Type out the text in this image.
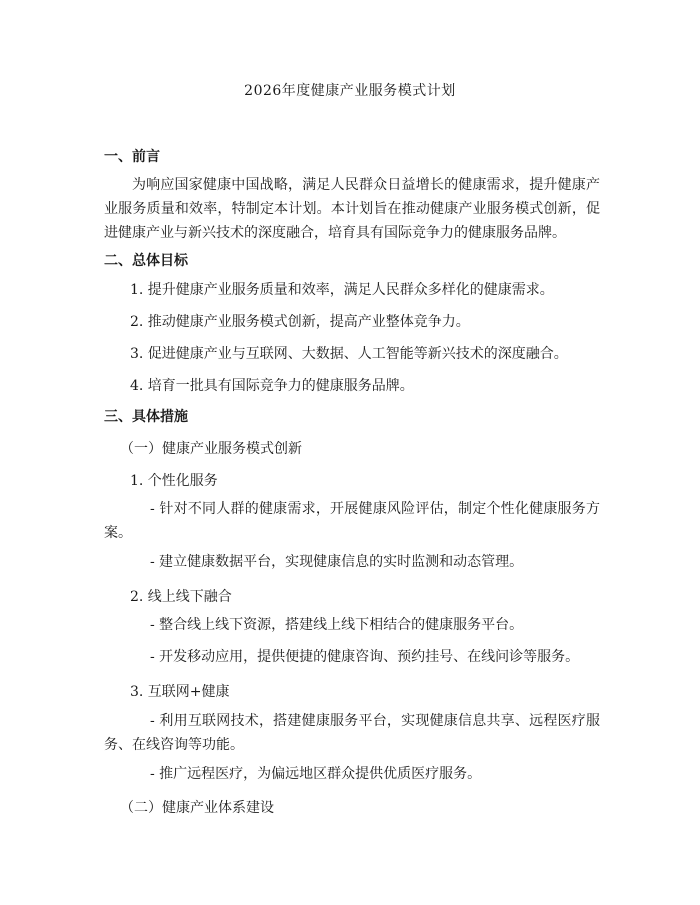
2026年度健康产业服务模式计划
一、前言
为响应国家健康中国战略，满足人民群众日益增长的健康需求，提升健康产业服务质量和效率，特制定本计划。本计划旨在推动健康产业服务模式创新，促进健康产业与新兴技术的深度融合，培育具有国际竞争力的健康服务品牌。
二、总体目标
1. 提升健康产业服务质量和效率，满足人民群众多样化的健康需求。
2. 推动健康产业服务模式创新，提高产业整体竞争力。
3. 促进健康产业与互联网、大数据、人工智能等新兴技术的深度融合。
4. 培育一批具有国际竞争力的健康服务品牌。
三、具体措施
（一）健康产业服务模式创新
1. 个性化服务
- 针对不同人群的健康需求，开展健康风险评估，制定个性化健康服务方案。
- 建立健康数据平台，实现健康信息的实时监测和动态管理。
2. 线上线下融合
- 整合线上线下资源，搭建线上线下相结合的健康服务平台。
- 开发移动应用，提供便捷的健康咨询、预约挂号、在线问诊等服务。
3. 互联网+健康
- 利用互联网技术，搭建健康服务平台，实现健康信息共享、远程医疗服务、在线咨询等功能。
- 推广远程医疗，为偏远地区群众提供优质医疗服务。
（二）健康产业体系建设
